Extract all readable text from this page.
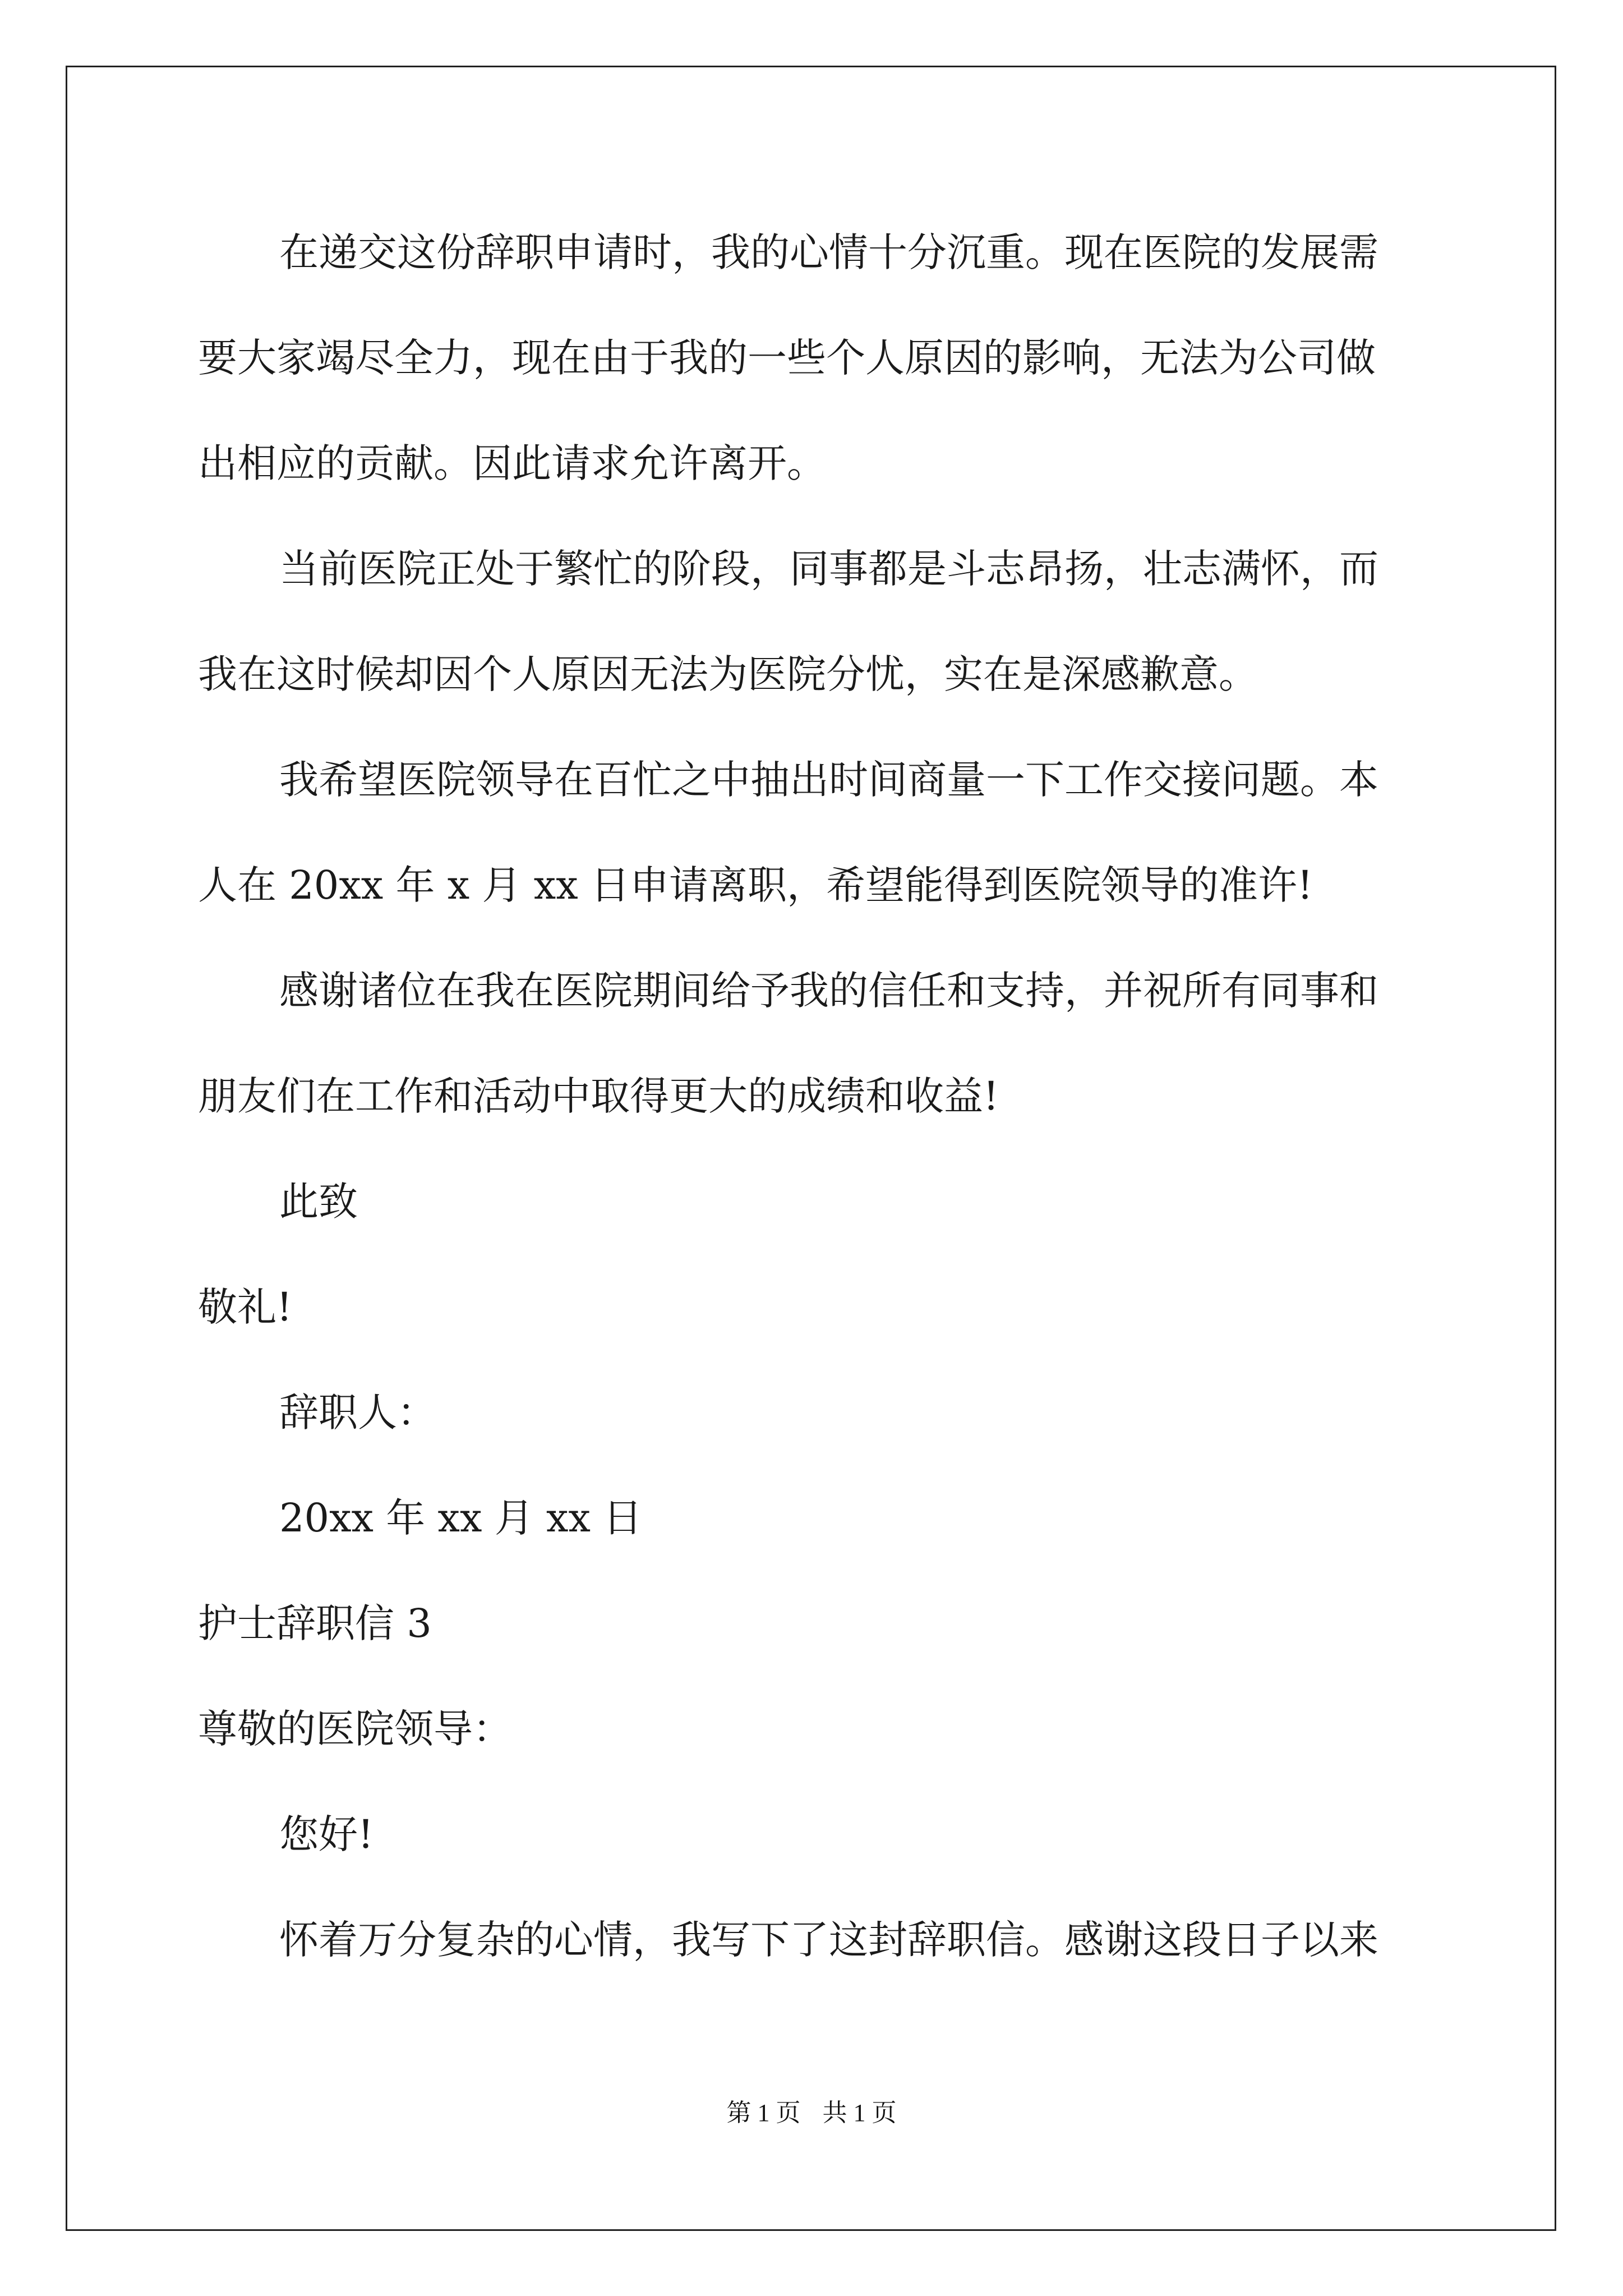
在递交这份辞职申请时，我的心情十分沉重。现在医院的发展需
要大家竭尽全力，现在由于我的一些个人原因的影响，无法为公司做
出相应的贡献。因此请求允许离开。
当前医院正处于繁忙的阶段，同事都是斗志昂扬，壮志满怀，而
我在这时候却因个人原因无法为医院分忧，实在是深感歉意。
我希望医院领导在百忙之中抽出时间商量一下工作交接问题。本
人在 20xx 年 x 月 xx 日申请离职，希望能得到医院领导的准许!
感谢诸位在我在医院期间给予我的信任和支持，并祝所有同事和
朋友们在工作和活动中取得更大的成绩和收益!
此致
敬礼!
辞职人：
20xx 年 xx 月 xx 日
护士辞职信 3
尊敬的医院领导：
您好!
怀着万分复杂的心情，我写下了这封辞职信。感谢这段日子以来
第 1 页 共 1 页
